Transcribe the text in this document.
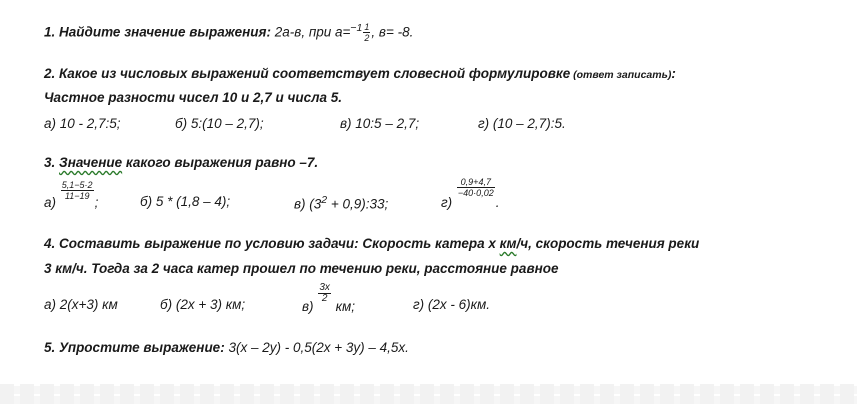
1. Найдите значение выражения: 2а-в, при $а=^{-1} \frac{1}{2}$ , в= -8.
2. Какое из числовых выражений соответствует словесной формулировке (ответ записать):
Частное разности чисел 10 и 2,7 и числа 5.
а) 10 - 2,7:5;	б) 5:(10 – 2,7);	в) 10:5 – 2,7;	г) (10 – 2,7):5.
3. Значение какого выражения равно –7.
а)
$\frac{5,1-5\cdot 2}{11-19}$
;	б) 5 * (1,8 – 4);	в) ($3^2$ + 0,9):33;	г)
$\frac{0,9+4,7}{-40\cdot 0,02}$
.
4. Составить выражение по условию задачи: Скорость катера х км/ч, скорость течения реки
3 км/ч. Тогда за 2 часа катер прошел по течению реки, расстояние равное
а) 2(х+3) км	б) (2х + 3) км;	в)
$\frac{3х}{2}$
км;	г) (2х - 6)км.
5. Упростите выражение: 3(х – 2у) - 0,5(2х + 3у) – 4,5х.
